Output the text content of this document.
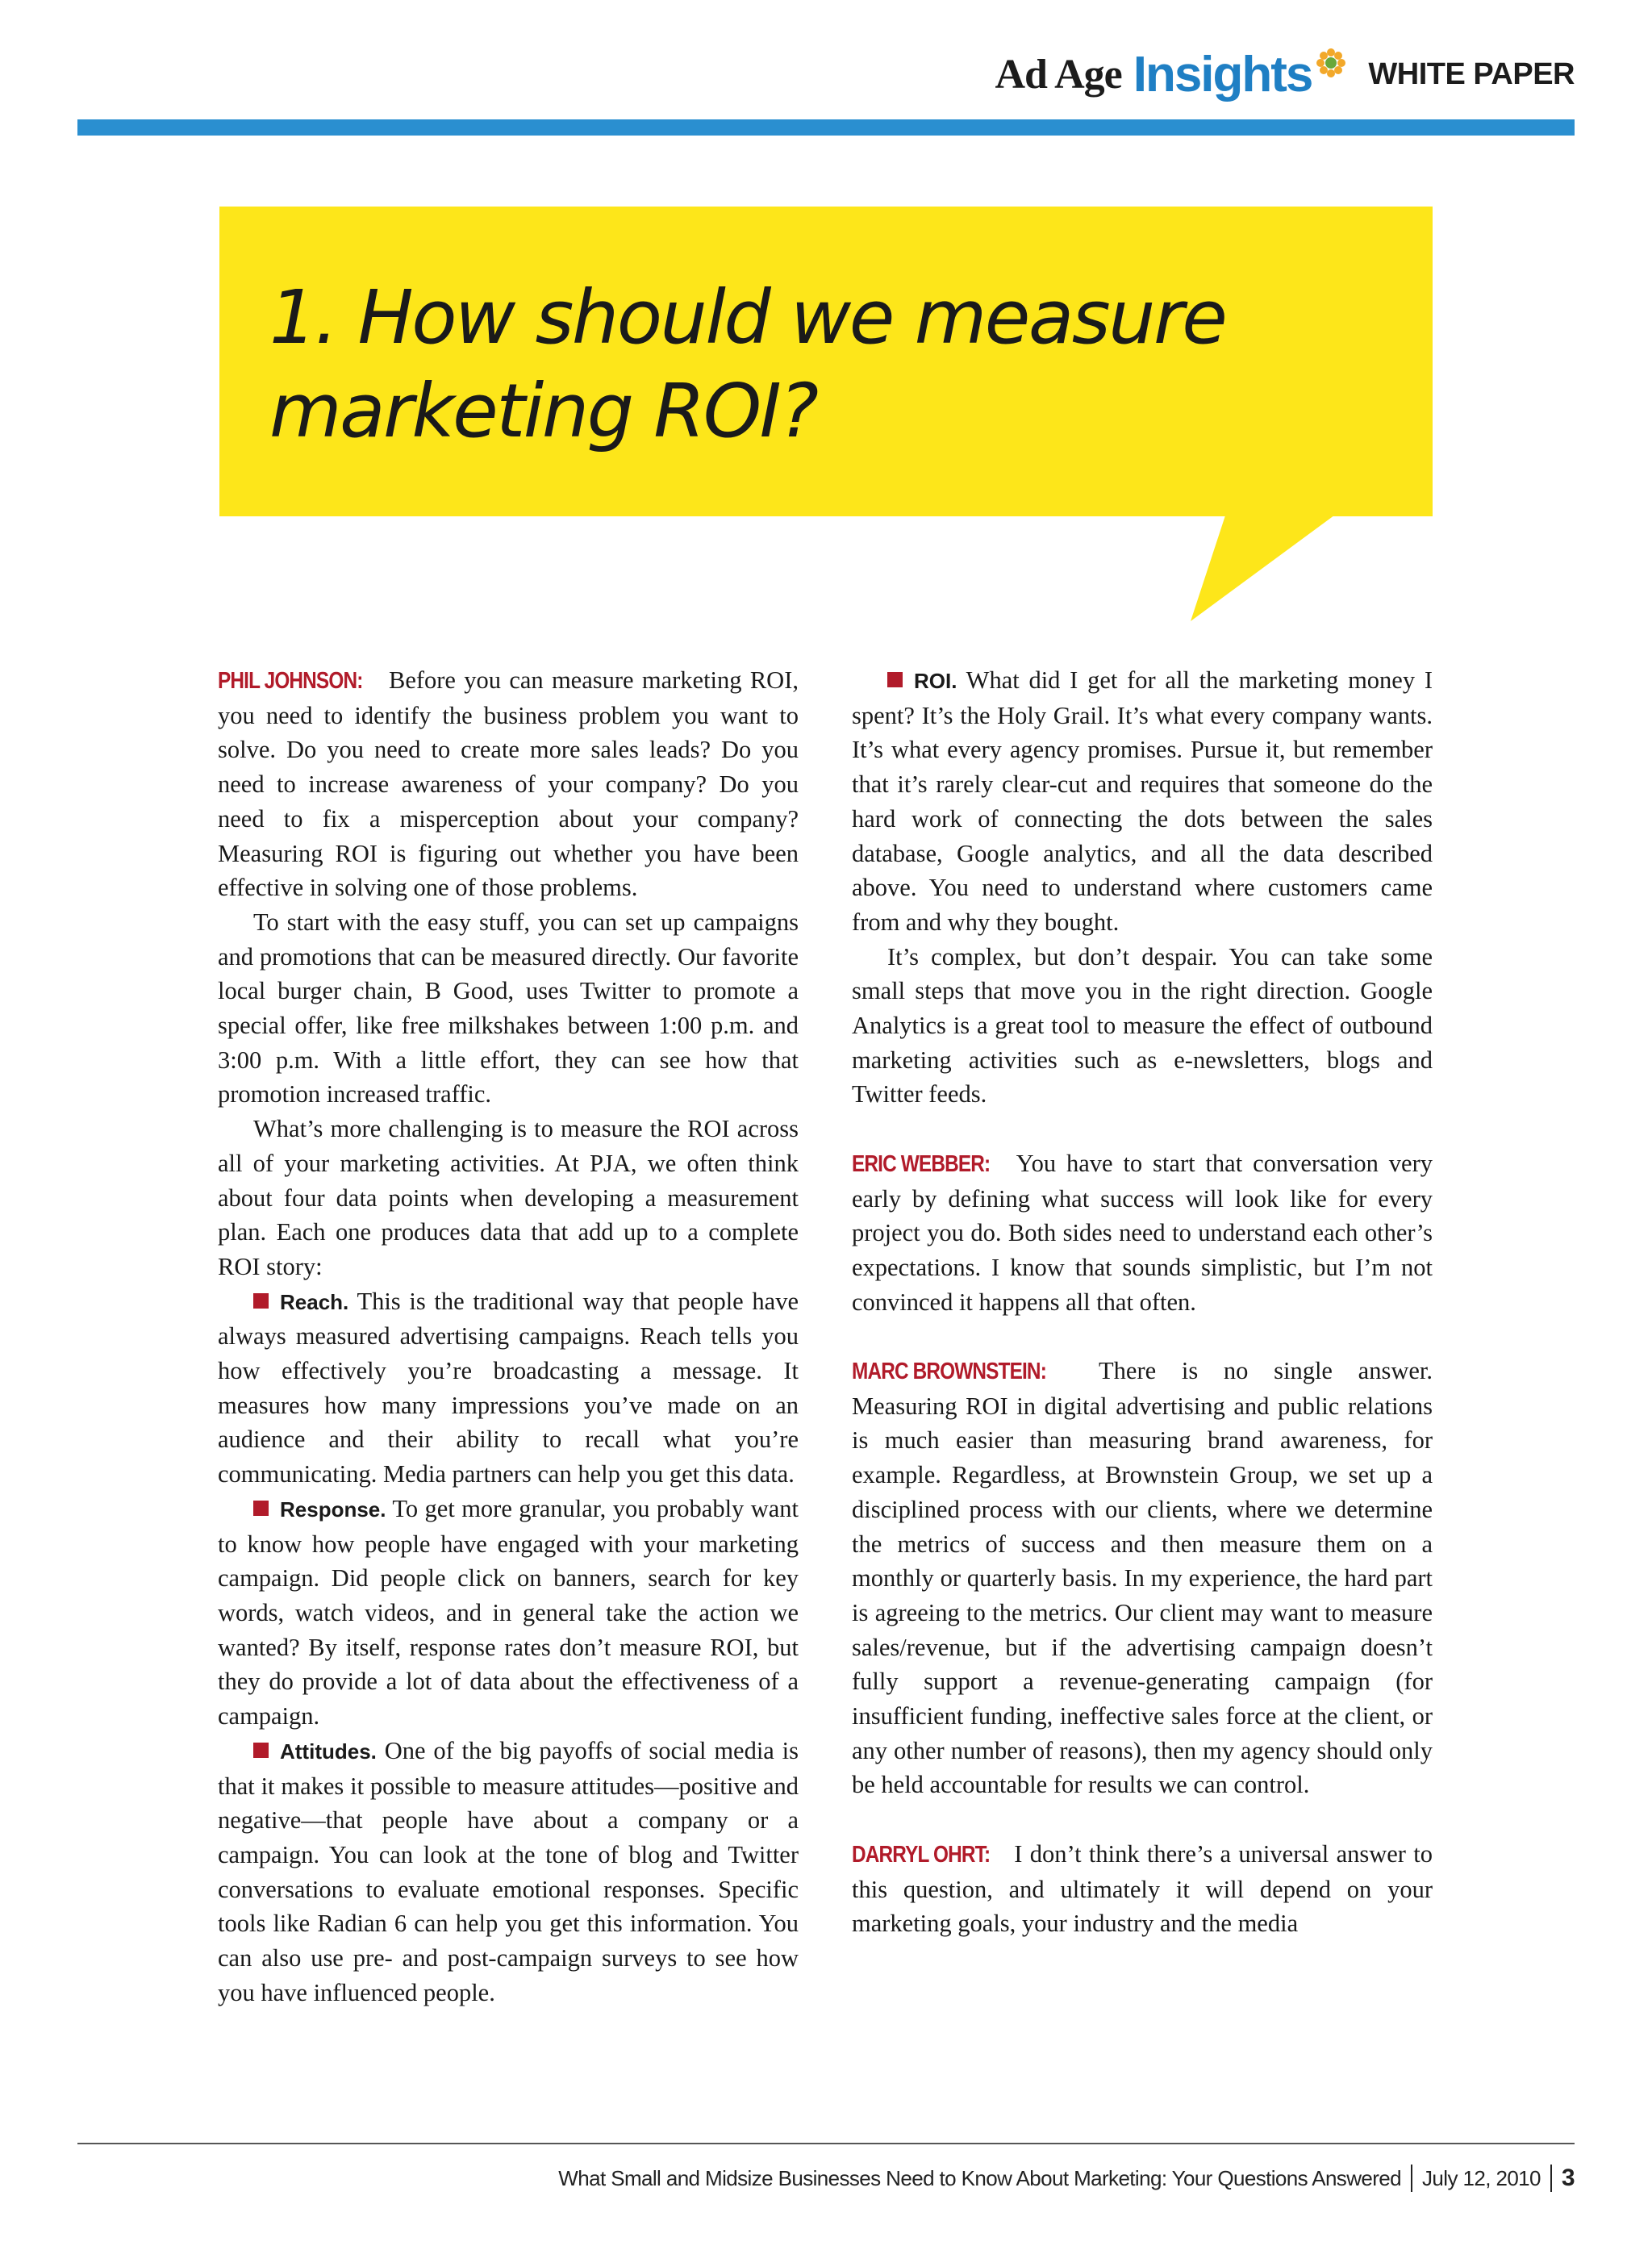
Ad Age Insights WHITE PAPER
1. How should we measure marketing ROI?

PHIL JOHNSON: Before you can measure marketing ROI, you need to identify the business problem you want to solve. Do you need to create more sales leads? Do you need to increase awareness of your company? Do you need to fix a misperception about your company? Measuring ROI is figuring out whether you have been effective in solving one of those problems.

To start with the easy stuff, you can set up campaigns and promotions that can be measured directly. Our favorite local burger chain, B Good, uses Twitter to promote a special offer, like free milkshakes between 1:00 p.m. and 3:00 p.m. With a little effort, they can see how that promotion increased traffic.

What’s more challenging is to measure the ROI across all of your marketing activities. At PJA, we often think about four data points when developing a measurement plan. Each one produces data that add up to a complete ROI story:

Reach. This is the traditional way that people have always measured advertising campaigns. Reach tells you how effectively you’re broadcasting a message. It measures how many impressions you’ve made on an audience and their ability to recall what you’re communicating. Media partners can help you get this data.

Response. To get more granular, you probably want to know how people have engaged with your marketing campaign. Did people click on banners, search for key words, watch videos, and in general take the action we wanted? By itself, response rates don’t measure ROI, but they do provide a lot of data about the effectiveness of a campaign.

Attitudes. One of the big payoffs of social media is that it makes it possible to measure attitudes—positive and negative—that people have about a company or a campaign. You can look at the tone of blog and Twitter conversations to evaluate emotional responses. Specific tools like Radian 6 can help you get this information. You can also use pre- and post-campaign surveys to see how you have influenced people.

ROI. What did I get for all the marketing money I spent? It’s the Holy Grail. It’s what every company wants. It’s what every agency promises. Pursue it, but remember that it’s rarely clear-cut and requires that someone do the hard work of connecting the dots between the sales database, Google analytics, and all the data described above. You need to understand where customers came from and why they bought.

It’s complex, but don’t despair. You can take some small steps that move you in the right direction. Google Analytics is a great tool to measure the effect of outbound marketing activities such as e-newsletters, blogs and Twitter feeds.

ERIC WEBBER: You have to start that conversation very early by defining what success will look like for every project you do. Both sides need to understand each other’s expectations. I know that sounds simplistic, but I’m not convinced it happens all that often.

MARC BROWNSTEIN: There is no single answer. Measuring ROI in digital advertising and public relations is much easier than measuring brand awareness, for example. Regardless, at Brownstein Group, we set up a disciplined process with our clients, where we determine the metrics of success and then measure them on a monthly or quarterly basis. In my experience, the hard part is agreeing to the metrics. Our client may want to measure sales/revenue, but if the advertising campaign doesn’t fully support a revenue-generating campaign (for insufficient funding, ineffective sales force at the client, or any other number of reasons), then my agency should only be held accountable for results we can control.

DARRYL OHRT: I don’t think there’s a universal answer to this question, and ultimately it will depend on your marketing goals, your industry and the media

What Small and Midsize Businesses Need to Know About Marketing: Your Questions Answered July 12, 2010 3
